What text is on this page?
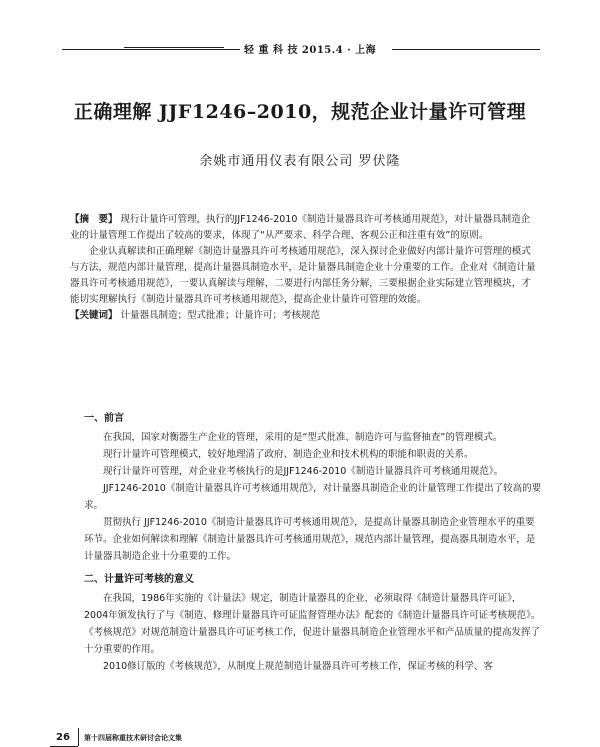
轻 重 科 技 2015.4 · 上海
正确理解 JJF1246–2010，规范企业计量许可管理
余姚市通用仪表有限公司 罗伏隆

【摘　要】 现行计量许可管理，执行的JJF1246-2010《制造计量器具许可考核通用规范》，对计量器具制造企业的计量管理工作提出了较高的要求，体现了“从严要求、科学合理、客观公正和注重有效”的原则。

企业认真解读和正确理解《制造计量器具许可考核通用规范》，深入探讨企业做好内部计量许可管理的模式与方法，规范内部计量管理，提高计量器具制造水平，是计量器具制造企业十分重要的工作。企业对《制造计量器具许可考核通用规范》，一要认真解读与理解，二要进行内部任务分解，三要根据企业实际建立管理模块，才能切实理解执行《制造计量器具许可考核通用规范》，提高企业计量许可管理的效能。

【关键词】 计量器具制造；型式批准；计量许可；考核规范

一、前言

在我国，国家对衡器生产企业的管理，采用的是“型式批准、制造许可与监督抽查”的管理模式。

现行计量许可管理模式，较好地理清了政府、制造企业和技术机构的职能和职责的关系。

现行计量许可管理，对企业业考核执行的是JJF1246-2010《制造计量器具许可考核通用规范》。

JJF1246-2010《制造计量器具许可考核通用规范》，对计量器具制造企业的计量管理工作提出了较高的要求。

贯彻执行 JJF1246-2010《制造计量器具许可考核通用规范》，是提高计量器具制造企业管理水平的重要环节。企业如何解读和理解《制造计量器具许可考核通用规范》，规范内部计量管理，提高器具制造水平，是计量器具制造企业十分重要的工作。

二、计量许可考核的意义

在我国，1986年实施的《计量法》规定，制造计量器具的企业，必须取得《制造计量器具许可证》，2004年颁发执行了与《制造、修理计量器具许可证监督管理办法》配套的《制造计量器具许可证考核规范》。《考核规范》对规范制造计量器具许可证考核工作，促进计量器具制造企业管理水平和产品质量的提高发挥了十分重要的作用。

2010修订版的《考核规范》，从制度上规范制造计量器具许可考核工作，保证考核的科学、客

26 第十四届称重技术研讨会论文集
